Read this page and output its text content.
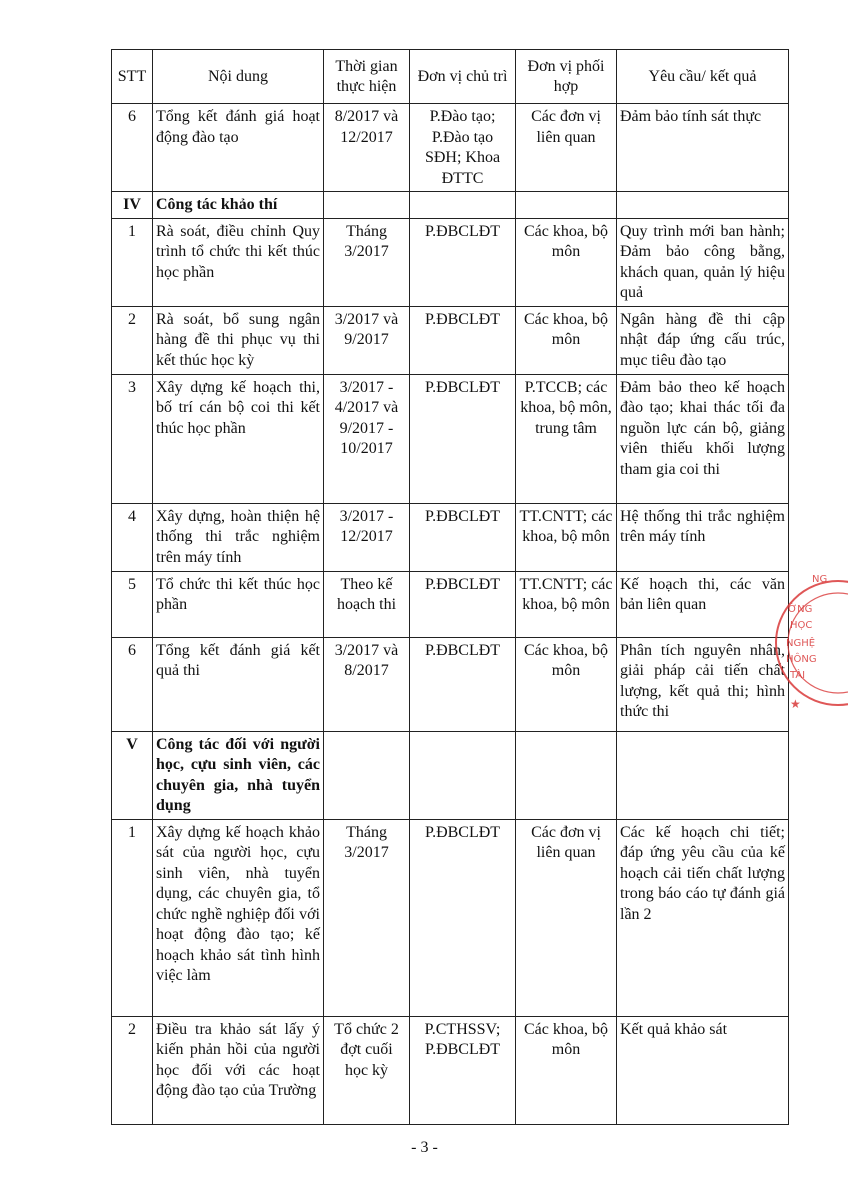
STT	Nội dung	Thời gian thực hiện	Đơn vị chủ trì	Đơn vị phối hợp	Yêu cầu/ kết quả
6	Tổng kết đánh giá hoạt động đào tạo	8/2017 và 12/2017	P.Đào tạo; P.Đào tạo SĐH; Khoa ĐTTC	Các đơn vị liên quan	Đảm bảo tính sát thực
IV	Công tác khảo thí				
1	Rà soát, điều chỉnh Quy trình tổ chức thi kết thúc học phần	Tháng 3/2017	P.ĐBCLĐT	Các khoa, bộ môn	Quy trình mới ban hành; Đảm bảo công bằng, khách quan, quản lý hiệu quả
2	Rà soát, bổ sung ngân hàng đề thi phục vụ thi kết thúc học kỳ	3/2017 và 9/2017	P.ĐBCLĐT	Các khoa, bộ môn	Ngân hàng đề thi cập nhật đáp ứng cấu trúc, mục tiêu đào tạo
3	Xây dựng kế hoạch thi, bố trí cán bộ coi thi kết thúc học phần	3/2017 - 4/2017 và 9/2017 - 10/2017	P.ĐBCLĐT	P.TCCB; các khoa, bộ môn, trung tâm	Đảm bảo theo kế hoạch đào tạo; khai thác tối đa nguồn lực cán bộ, giảng viên thiếu khối lượng tham gia coi thi
4	Xây dựng, hoàn thiện hệ thống thi trắc nghiệm trên máy tính	3/2017 - 12/2017	P.ĐBCLĐT	TT.CNTT; các khoa, bộ môn	Hệ thống thi trắc nghiệm trên máy tính
5	Tổ chức thi kết thúc học phần	Theo kế hoạch thi	P.ĐBCLĐT	TT.CNTT; các khoa, bộ môn	Kế hoạch thi, các văn bản liên quan
6	Tổng kết đánh giá kết quả thi	3/2017 và 8/2017	P.ĐBCLĐT	Các khoa, bộ môn	Phân tích nguyên nhân, giải pháp cải tiến chất lượng, kết quả thi; hình thức thi
V	Công tác đối với người học, cựu sinh viên, các chuyên gia, nhà tuyển dụng				
1	Xây dựng kế hoạch khảo sát của người học, cựu sinh viên, nhà tuyển dụng, các chuyên gia, tổ chức nghề nghiệp đối với hoạt động đào tạo; kế hoạch khảo sát tình hình việc làm	Tháng 3/2017	P.ĐBCLĐT	Các đơn vị liên quan	Các kế hoạch chi tiết; đáp ứng yêu cầu của kế hoạch cải tiến chất lượng trong báo cáo tự đánh giá lần 2
2	Điều tra khảo sát lấy ý kiến phản hồi của người học đối với các hoạt động đào tạo của Trường	Tổ chức 2 đợt cuối học kỳ	P.CTHSSV; P.ĐBCLĐT	Các khoa, bộ môn	Kết quả khảo sát
★
NG
ỜNG
HỌC
NGHỆ
HÔNG
TÀI
- 3 -
